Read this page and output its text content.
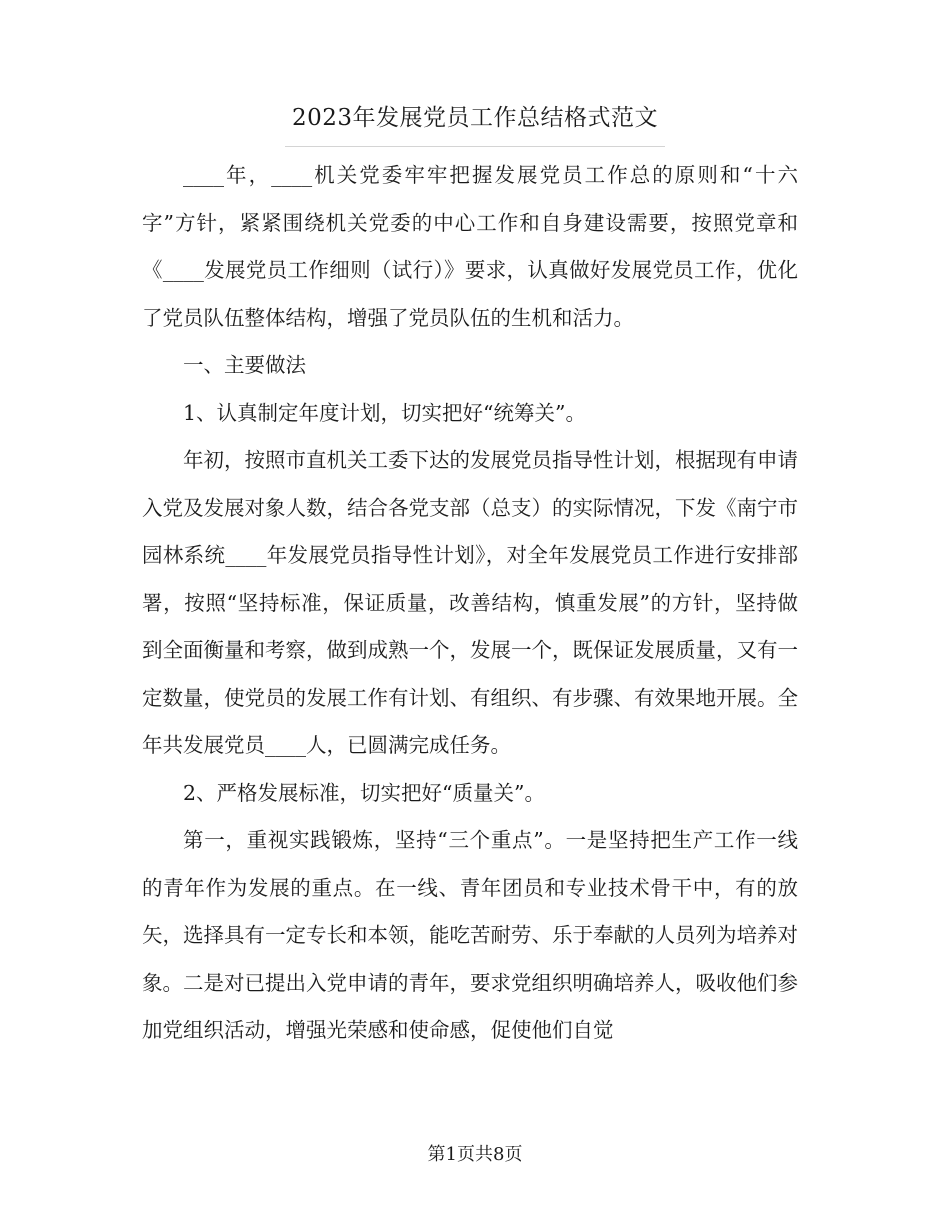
2023年发展党员工作总结格式范文

____年，____机关党委牢牢把握发展党员工作总的原则和“十六字”方针，紧紧围绕机关党委的中心工作和自身建设需要，按照党章和《____发展党员工作细则（试行）》要求，认真做好发展党员工作，优化了党员队伍整体结构，增强了党员队伍的生机和活力。

一、主要做法

1、认真制定年度计划，切实把好“统筹关”。

年初，按照市直机关工委下达的发展党员指导性计划，根据现有申请入党及发展对象人数，结合各党支部（总支）的实际情况，下发《南宁市园林系统____年发展党员指导性计划》，对全年发展党员工作进行安排部署，按照“坚持标准，保证质量，改善结构，慎重发展”的方针，坚持做到全面衡量和考察，做到成熟一个，发展一个，既保证发展质量，又有一定数量，使党员的发展工作有计划、有组织、有步骤、有效果地开展。全年共发展党员____人，已圆满完成任务。

2、严格发展标准，切实把好“质量关”。

第一，重视实践锻炼，坚持“三个重点”。一是坚持把生产工作一线的青年作为发展的重点。在一线、青年团员和专业技术骨干中，有的放矢，选择具有一定专长和本领，能吃苦耐劳、乐于奉献的人员列为培养对象。二是对已提出入党申请的青年，要求党组织明确培养人，吸收他们参加党组织活动，增强光荣感和使命感，促使他们自觉

第1页共8页
